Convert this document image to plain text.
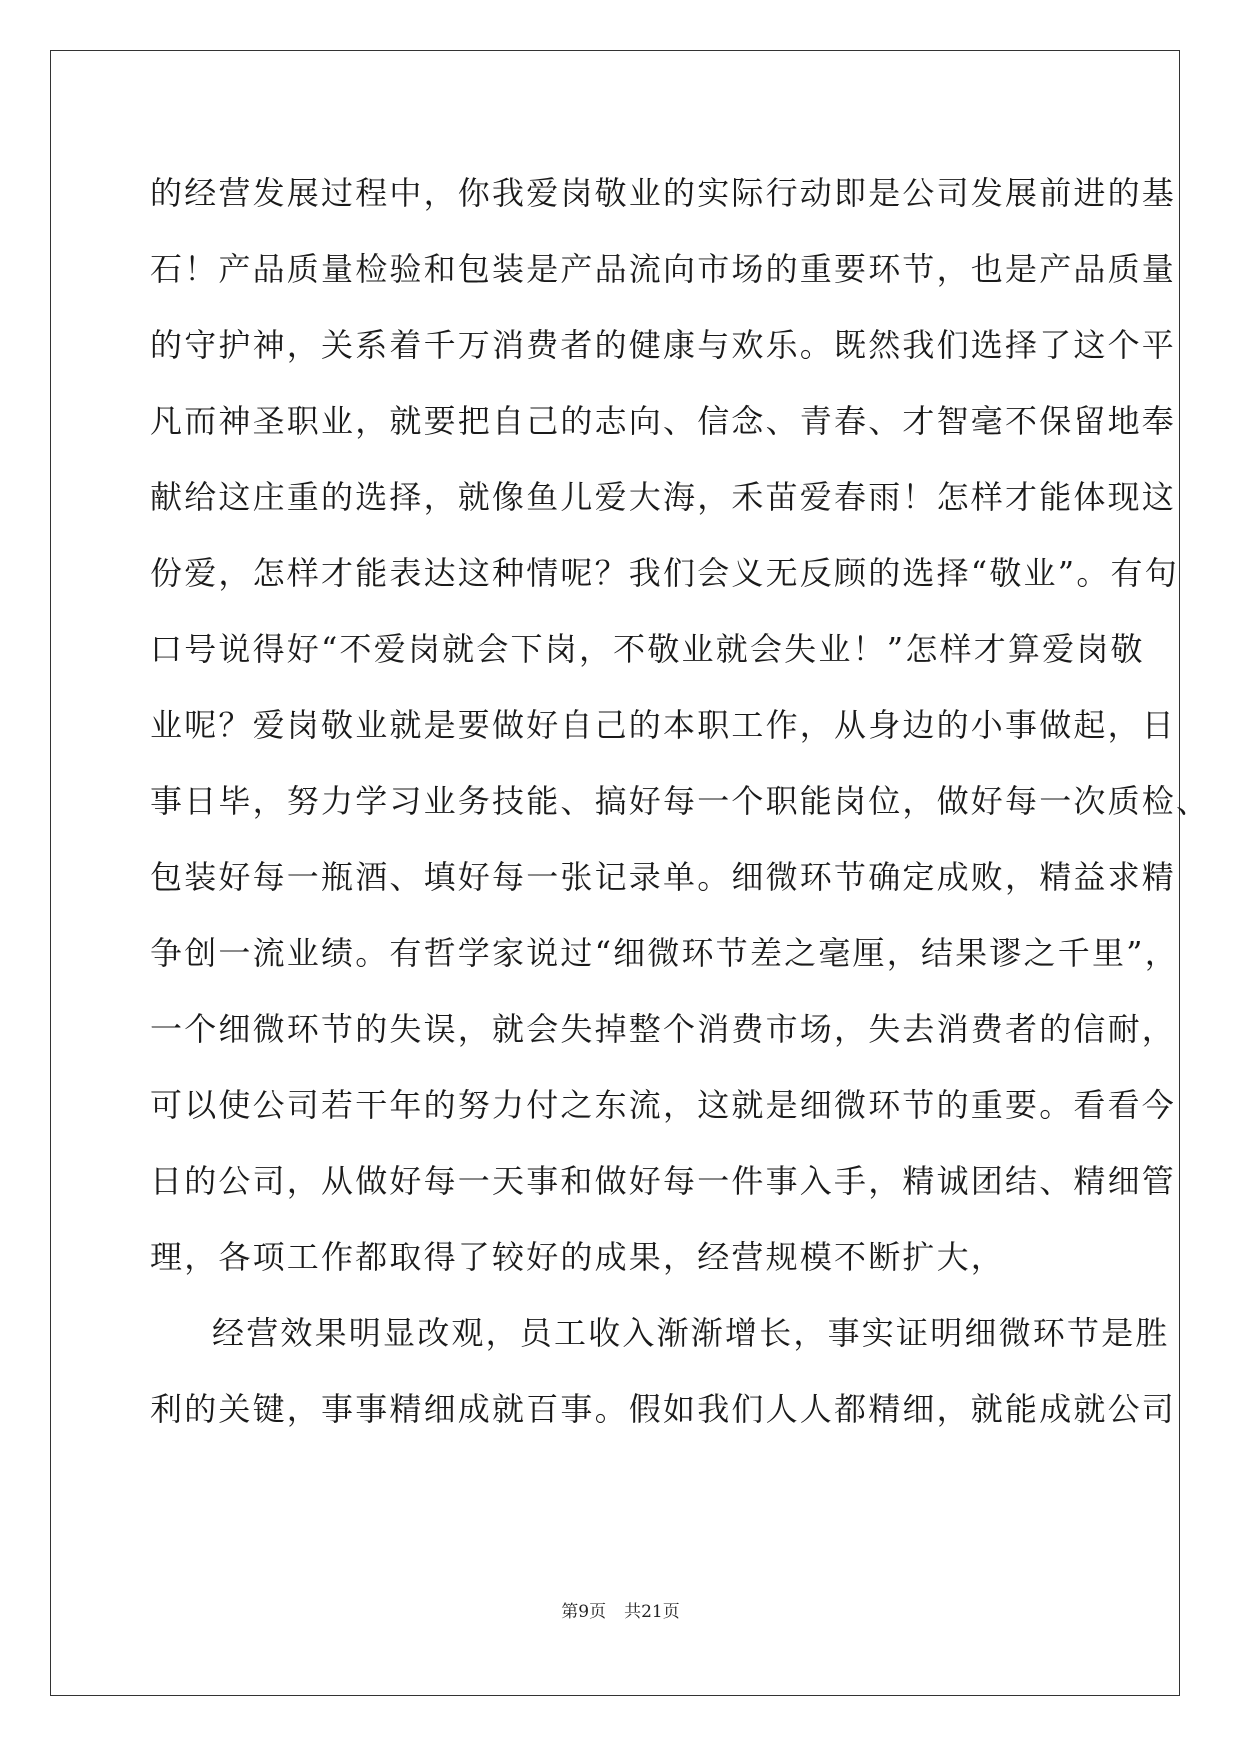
的经营发展过程中，你我爱岗敬业的实际行动即是公司发展前进的基
石！产品质量检验和包装是产品流向市场的重要环节，也是产品质量
的守护神，关系着千万消费者的健康与欢乐。既然我们选择了这个平
凡而神圣职业，就要把自己的志向、信念、青春、才智毫不保留地奉
献给这庄重的选择，就像鱼儿爱大海，禾苗爱春雨！怎样才能体现这
份爱，怎样才能表达这种情呢？我们会义无反顾的选择“敬业”。有句
口号说得好“不爱岗就会下岗，不敬业就会失业！”怎样才算爱岗敬
业呢？爱岗敬业就是要做好自己的本职工作，从身边的小事做起，日
事日毕，努力学习业务技能、搞好每一个职能岗位，做好每一次质检、
包装好每一瓶酒、填好每一张记录单。细微环节确定成败，精益求精
争创一流业绩。有哲学家说过“细微环节差之毫厘，结果谬之千里”，
一个细微环节的失误，就会失掉整个消费市场，失去消费者的信耐，
可以使公司若干年的努力付之东流，这就是细微环节的重要。看看今
日的公司，从做好每一天事和做好每一件事入手，精诚团结、精细管
理，各项工作都取得了较好的成果，经营规模不断扩大，
经营效果明显改观，员工收入渐渐增长，事实证明细微环节是胜
利的关键，事事精细成就百事。假如我们人人都精细，就能成就公司
第9页 共21页
